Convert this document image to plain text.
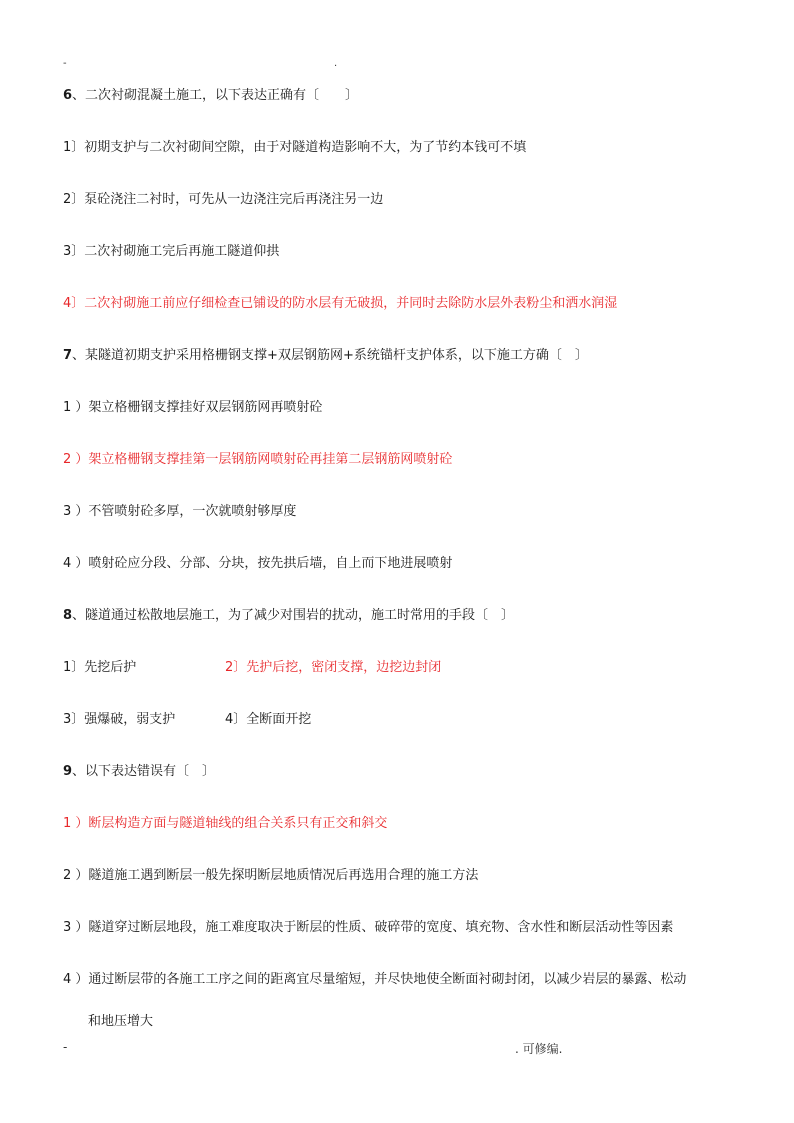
-	.
6、二次衬砌混凝土施工，以下表达正确有〔　　〕
1〕初期支护与二次衬砌间空隙，由于对隧道构造影响不大，为了节约本钱可不填
2〕泵砼浇注二衬时，可先从一边浇注完后再浇注另一边
3〕二次衬砌施工完后再施工隧道仰拱
4〕二次衬砌施工前应仔细检查已铺设的防水层有无破损，并同时去除防水层外表粉尘和洒水润湿
7、某隧道初期支护采用格栅钢支撑+双层钢筋网+系统锚杆支护体系，以下施工方确〔　〕
1 ）架立格栅钢支撑挂好双层钢筋网再喷射砼
2 ）架立格栅钢支撑挂第一层钢筋网喷射砼再挂第二层钢筋网喷射砼
3 ）不管喷射砼多厚，一次就喷射够厚度
4 ）喷射砼应分段、分部、分块，按先拱后墙，自上而下地进展喷射
8、隧道通过松散地层施工，为了减少对围岩的扰动，施工时常用的手段〔　〕
1〕先挖后护	2〕先护后挖，密闭支撑，边挖边封闭
3〕强爆破，弱支护	4〕全断面开挖
9、以下表达错误有〔　〕
1 ）断层构造方面与隧道轴线的组合关系只有正交和斜交
2 ）隧道施工遇到断层一般先探明断层地质情况后再选用合理的施工方法
3 ）隧道穿过断层地段，施工难度取决于断层的性质、破碎带的宽度、填充物、含水性和断层活动性等因素
4 ）通过断层带的各施工工序之间的距离宜尽量缩短，并尽快地使全断面衬砌封闭，以减少岩层的暴露、松动
和地压增大
-	. 可修编.
